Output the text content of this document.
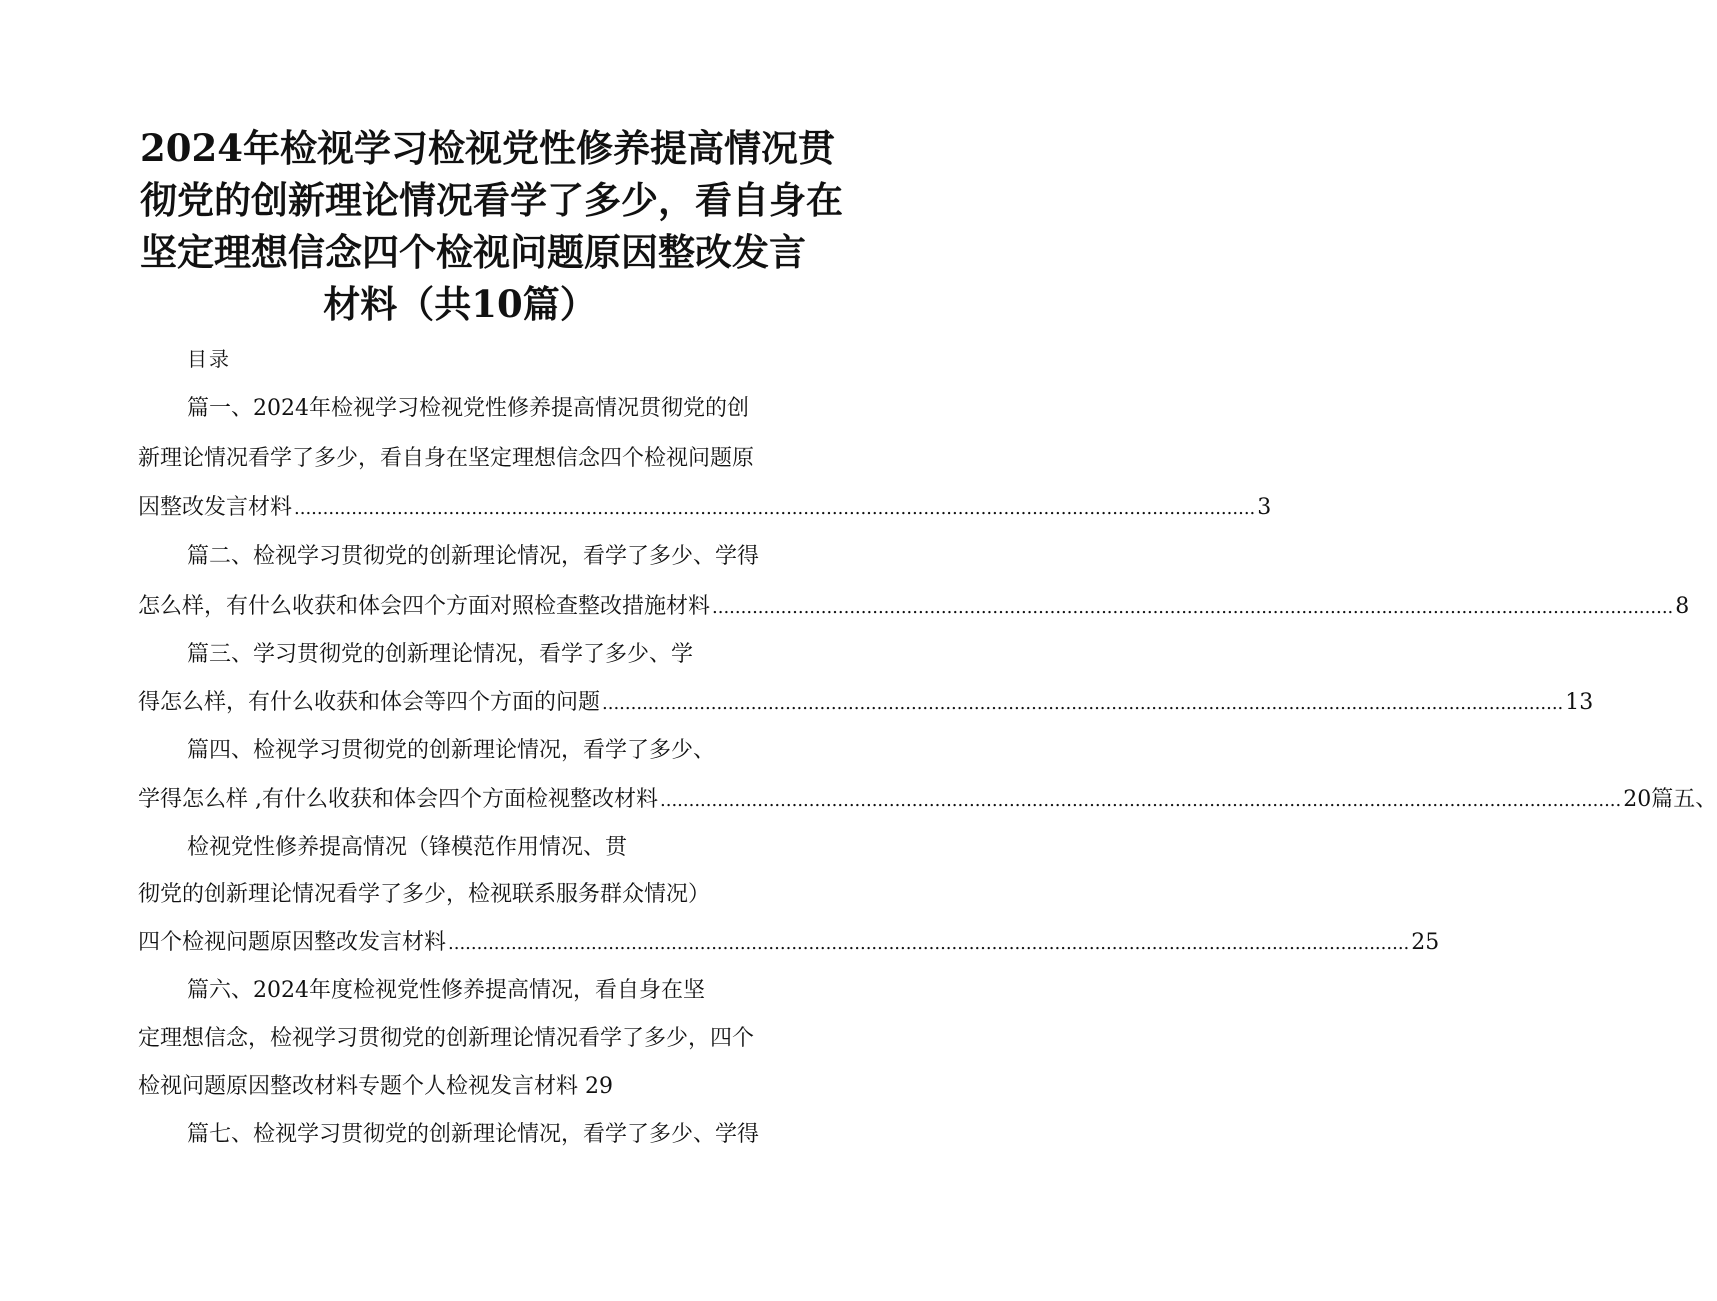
2024年检视学习检视党性修养提高情况贯
彻党的创新理论情况看学了多少，看自身在
坚定理想信念四个检视问题原因整改发言
材料（共10篇）

目录

篇一、2024年检视学习检视党性修养提高情况贯彻党的创
新理论情况看学了多少，看自身在坚定理想信念四个检视问题原
因整改发言材料 ........................................................................................................................................................................ 3
篇二、检视学习贯彻党的创新理论情况，看学了多少、学得
怎么样，有什么收获和体会四个方面对照检查整改措施材料 ........................................................................................................................................................................ 8
篇三、学习贯彻党的创新理论情况，看学了多少、学
得怎么样，有什么收获和体会等四个方面的问题 ........................................................................................................................................................................ 13
篇四、检视学习贯彻党的创新理论情况，看学了多少、
学得怎么样 ,有什么收获和体会四个方面检视整改材料 ........................................................................................................................................................................ 20篇五、
检视党性修养提高情况（锋模范作用情况、贯
彻党的创新理论情况看学了多少，检视联系服务群众情况）
四个检视问题原因整改发言材料 ........................................................................................................................................................................ 25
篇六、2024年度检视党性修养提高情况，看自身在坚
定理想信念，检视学习贯彻党的创新理论情况看学了多少，四个
检视问题原因整改材料专题个人检视发言材料 29
篇七、检视学习贯彻党的创新理论情况，看学了多少、学得
